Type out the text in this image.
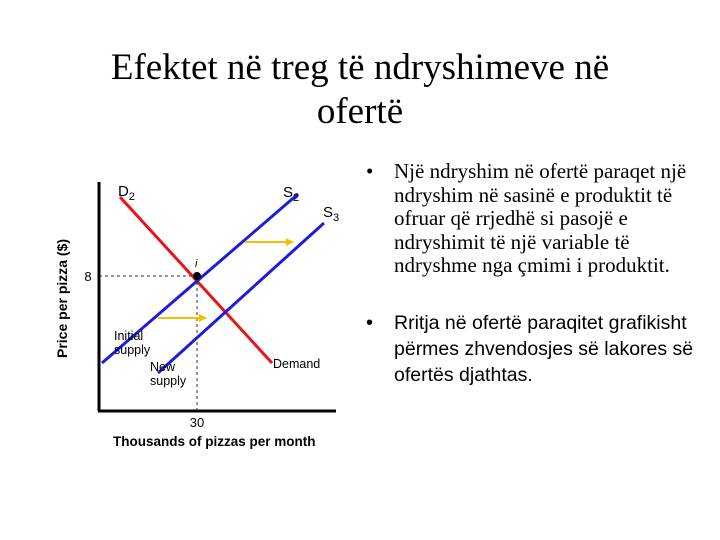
Efektet në treg të ndryshimeve në
ofertë
Price per pizza ($) 8
30
Thousands of pizzas per month
i
$D_2$	$S_2$
$S_3$
Demand
Initial supply
New supply
• Një ndryshim në ofertë paraqet një ndryshim në sasinë e produktit të ofruar që rrjedhë si pasojë e ndryshimit të një variable të ndryshme nga çmimi i produktit.
• Rritja në ofertë paraqitet grafikisht përmes zhvendosjes së lakores së ofertës djathtas.
